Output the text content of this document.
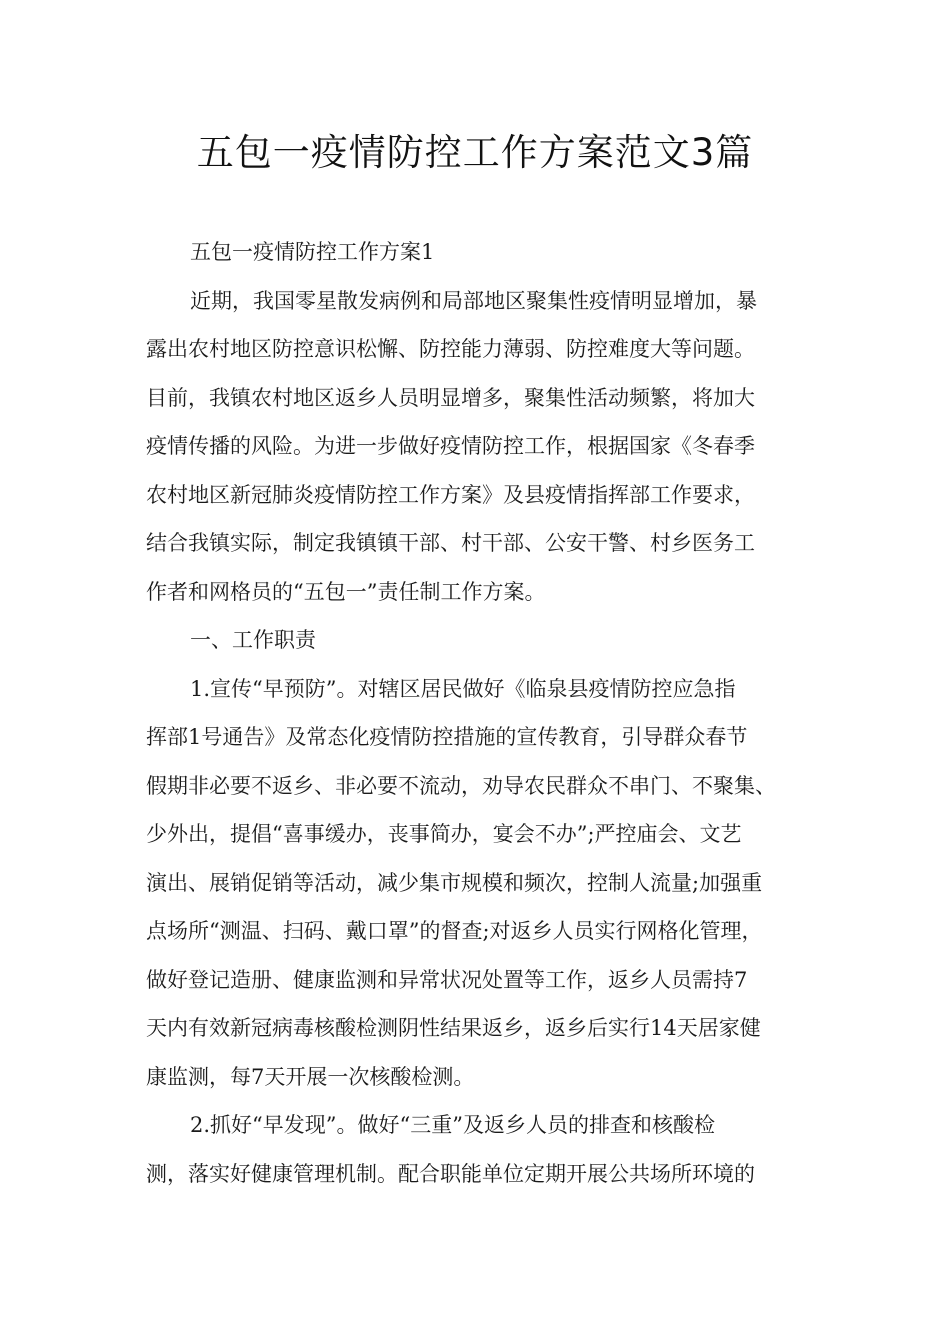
五包一疫情防控工作方案范文3篇

五包一疫情防控工作方案1

近期，我国零星散发病例和局部地区聚集性疫情明显增加，暴
露出农村地区防控意识松懈、防控能力薄弱、防控难度大等问题。
目前，我镇农村地区返乡人员明显增多，聚集性活动频繁，将加大
疫情传播的风险。为进一步做好疫情防控工作，根据国家《冬春季
农村地区新冠肺炎疫情防控工作方案》及县疫情指挥部工作要求，
结合我镇实际，制定我镇镇干部、村干部、公安干警、村乡医务工
作者和网格员的“五包一”责任制工作方案。

一、工作职责

1.宣传“早预防”。对辖区居民做好《临泉县疫情防控应急指
挥部1号通告》及常态化疫情防控措施的宣传教育，引导群众春节
假期非必要不返乡、非必要不流动，劝导农民群众不串门、不聚集、
少外出，提倡“喜事缓办，丧事简办，宴会不办”;严控庙会、文艺
演出、展销促销等活动，减少集市规模和频次，控制人流量;加强重
点场所“测温、扫码、戴口罩”的督查;对返乡人员实行网格化管理，
做好登记造册、健康监测和异常状况处置等工作，返乡人员需持7
天内有效新冠病毒核酸检测阴性结果返乡，返乡后实行14天居家健
康监测，每7天开展一次核酸检测。

2.抓好“早发现”。做好“三重”及返乡人员的排查和核酸检
测，落实好健康管理机制。配合职能单位定期开展公共场所环境的
